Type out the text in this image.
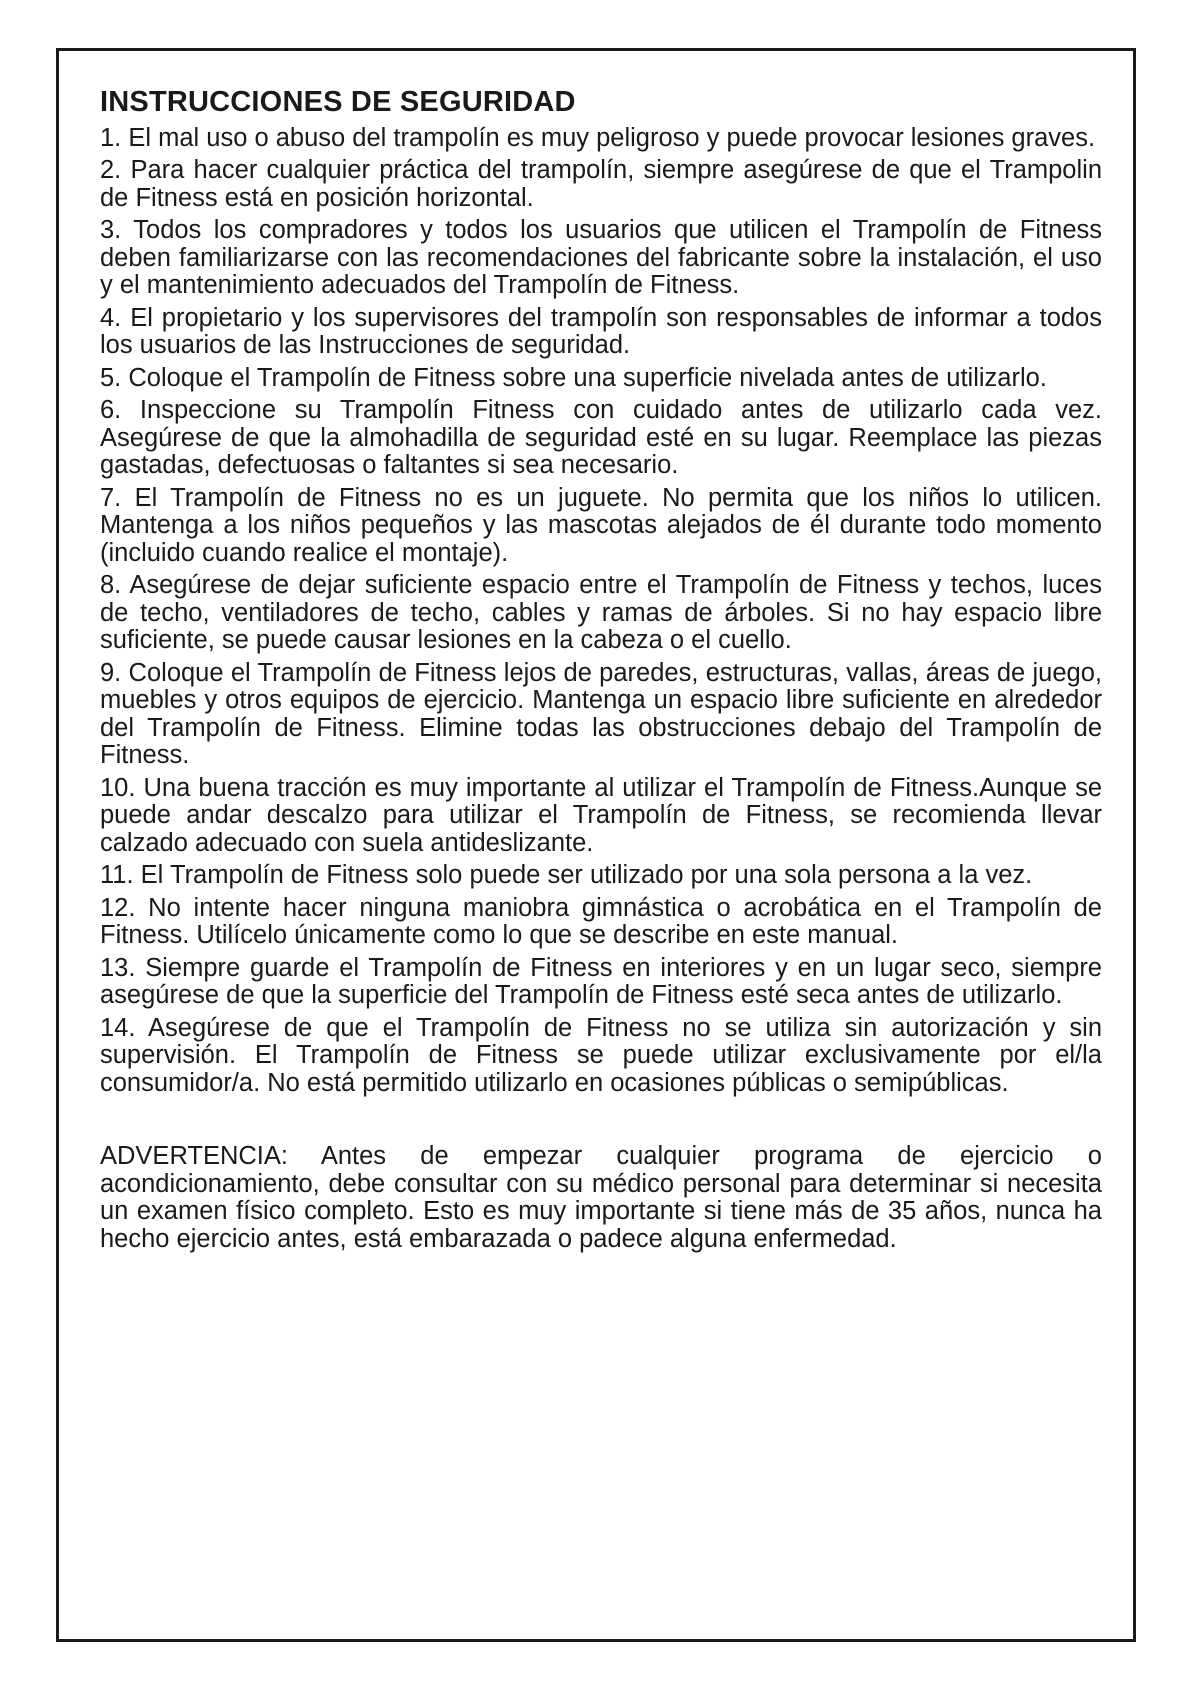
INSTRUCCIONES DE SEGURIDAD
1. El mal uso o abuso del trampolín es muy peligroso y puede provocar lesiones graves.
2. Para hacer cualquier práctica del trampolín, siempre asegúrese de que el Trampolin de Fitness está en posición horizontal.
3. Todos los compradores y todos los usuarios que utilicen el Trampolín de Fitness deben familiarizarse con las recomendaciones del fabricante sobre la instalación, el uso y el mantenimiento adecuados del Trampolín de Fitness.
4. El propietario y los supervisores del trampolín son responsables de informar a todos los usuarios de las Instrucciones de seguridad.
5. Coloque el Trampolín de Fitness sobre una superficie nivelada antes de utilizarlo.
6. Inspeccione su Trampolín Fitness con cuidado antes de utilizarlo cada vez. Asegúrese de que la almohadilla de seguridad esté en su lugar. Reemplace las piezas gastadas, defectuosas o faltantes si sea necesario.
7. El Trampolín de Fitness no es un juguete. No permita que los niños lo utilicen. Mantenga a los niños pequeños y las mascotas alejados de él durante todo momento (incluido cuando realice el montaje).
8. Asegúrese de dejar suficiente espacio entre el Trampolín de Fitness y techos, luces de techo, ventiladores de techo, cables y ramas de árboles. Si no hay espacio libre suficiente, se puede causar lesiones en la cabeza o el cuello.
9. Coloque el Trampolín de Fitness lejos de paredes, estructuras, vallas, áreas de juego, muebles y otros equipos de ejercicio. Mantenga un espacio libre suficiente en alrededor del Trampolín de Fitness. Elimine todas las obstrucciones debajo del Trampolín de Fitness.
10. Una buena tracción es muy importante al utilizar el Trampolín de Fitness.Aunque se puede andar descalzo para utilizar el Trampolín de Fitness, se recomienda llevar calzado adecuado con suela antideslizante.
11. El Trampolín de Fitness solo puede ser utilizado por una sola persona a la vez.
12. No intente hacer ninguna maniobra gimnástica o acrobática en el Trampolín de Fitness. Utilícelo únicamente como lo que se describe en este manual.
13. Siempre guarde el Trampolín de Fitness en interiores y en un lugar seco, siempre asegúrese de que la superficie del Trampolín de Fitness esté seca antes de utilizarlo.
14. Asegúrese de que el Trampolín de Fitness no se utiliza sin autorización y sin supervisión. El Trampolín de Fitness se puede utilizar exclusivamente por el/la consumidor/a. No está permitido utilizarlo en ocasiones públicas o semipúblicas.

ADVERTENCIA: Antes de empezar cualquier programa de ejercicio o acondicionamiento, debe consultar con su médico personal para determinar si necesita un examen físico completo. Esto es muy importante si tiene más de 35 años, nunca ha hecho ejercicio antes, está embarazada o padece alguna enfermedad.
